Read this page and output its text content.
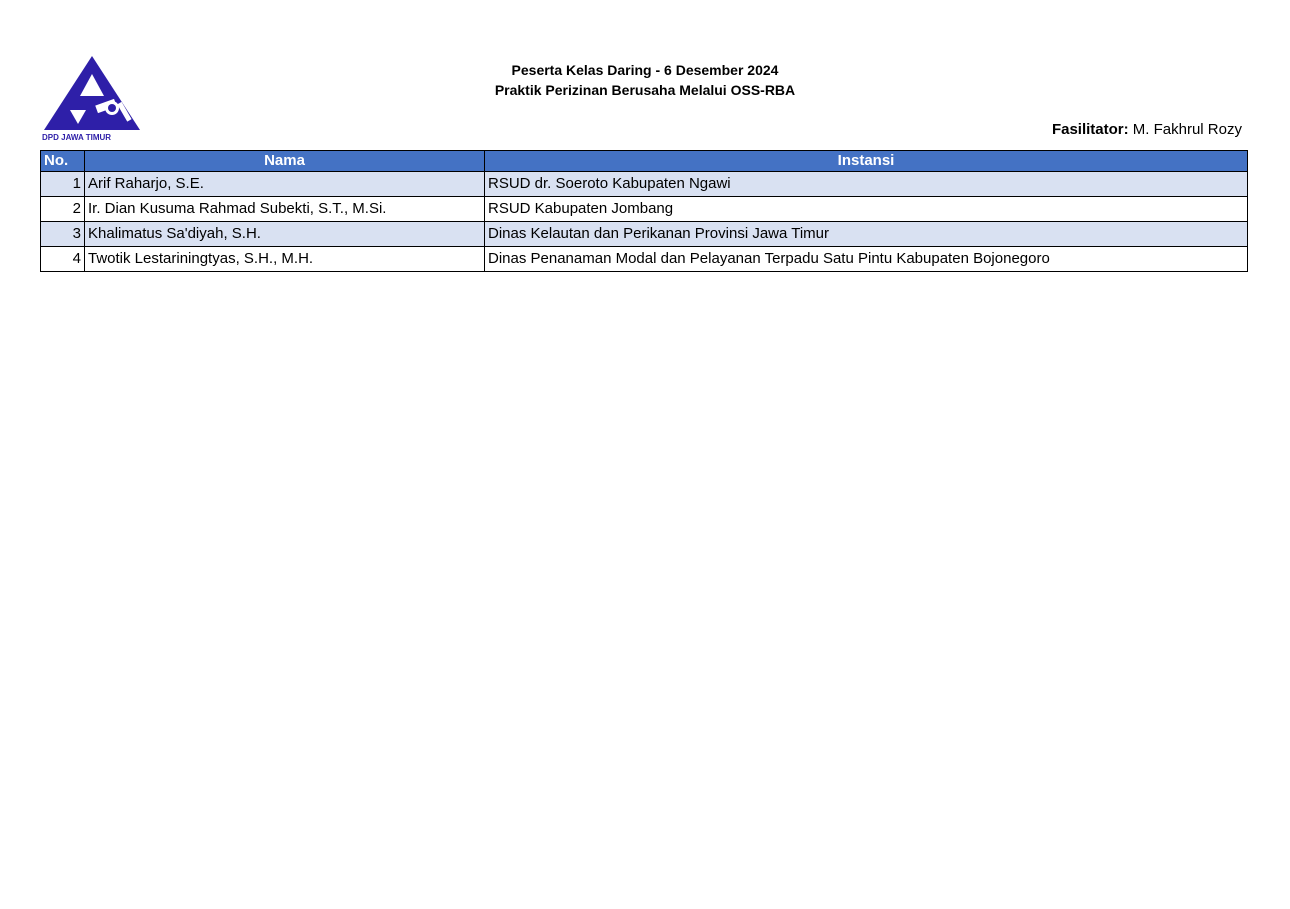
DPD JAWA TIMUR
Peserta Kelas Daring - 6 Desember 2024
Praktik Perizinan Berusaha Melalui OSS-RBA
Fasilitator: M. Fakhrul Rozy
No.	Nama	Instansi
1	Arif Raharjo, S.E.	RSUD dr. Soeroto Kabupaten Ngawi
2	Ir. Dian Kusuma Rahmad Subekti, S.T., M.Si.	RSUD Kabupaten Jombang
3	Khalimatus Sa'diyah, S.H.	Dinas Kelautan dan Perikanan Provinsi Jawa Timur
4	Twotik Lestariningtyas, S.H., M.H.	Dinas Penanaman Modal dan Pelayanan Terpadu Satu Pintu Kabupaten Bojonegoro
